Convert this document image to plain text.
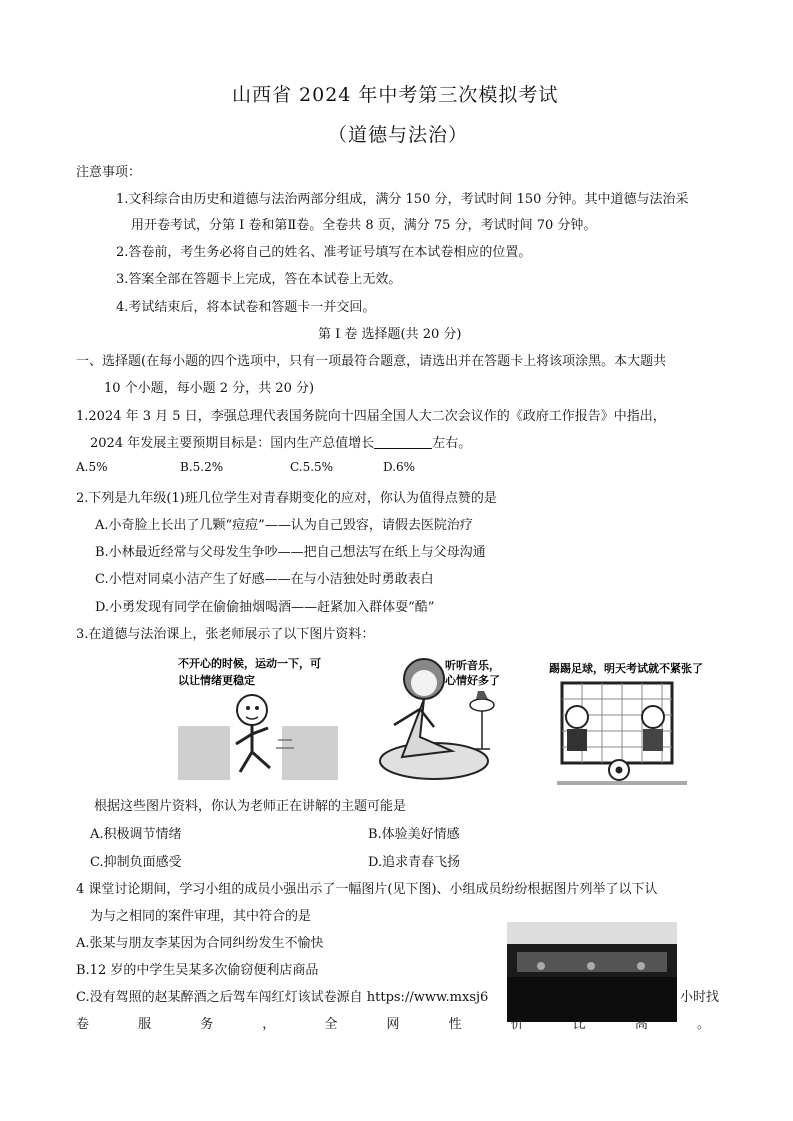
山西省 2024 年中考第三次模拟考试
（道德与法治）
注意事项：
1.文科综合由历史和道德与法治两部分组成，满分 150 分，考试时间 150 分钟。其中道德与法治采
用开卷考试，分第 Ⅰ 卷和第Ⅱ卷。全卷共 8 页，满分 75 分，考试时间 70 分钟。
2.答卷前，考生务必将自己的姓名、准考证号填写在本试卷相应的位置。
3.答案全部在答题卡上完成，答在本试卷上无效。
4.考试结束后，将本试卷和答题卡一并交回。
第 Ⅰ 卷 选择题(共 20 分)
一、选择题(在每小题的四个选项中，只有一项最符合题意，请选出并在答题卡上将该项涂黑。本大题共
10 个小题，每小题 2 分，共 20 分)
1.2024 年 3 月 5 日，李强总理代表国务院向十四届全国人大二次会议作的《政府工作报告》中指出，
2024 年发展主要预期目标是：国内生产总值增长	左右。
A.5%	B.5.2%	C.5.5%	D.6%
2.下列是九年级(1)班几位学生对青春期变化的应对，你认为值得点赞的是
A.小奇脸上长出了几颗“痘痘”——认为自己毁容，请假去医院治疗
B.小林最近经常与父母发生争吵——把自己想法写在纸上与父母沟通
C.小恺对同桌小洁产生了好感——在与小洁独处时勇敢表白
D.小勇发现有同学在偷偷抽烟喝酒——赶紧加入群体耍“酷”
3.在道德与法治课上，张老师展示了以下图片资料：
不开心的时候，运动一下，可
以让情绪更稳定
听听音乐，
心情好多了
踢踢足球，明天考试就不紧张了
根据这些图片资料，你认为老师正在讲解的主题可能是
A.积极调节情绪	B.体验美好情感
C.抑制负面感受	D.追求青春飞扬
4 课堂讨论期间，学习小组的成员小强出示了一幅图片(见下图)、小组成员纷纷根据图片列举了以下认
为与之相同的案件审理，其中符合的是
A.张某与朋友李某因为合同纠纷发生不愉快
B.12 岁的中学生吴某多次偷窃便利店商品
C.没有驾照的赵某醉酒之后驾车闯红灯该试卷源自 https://www.mxsj6	小时找
卷	服	务	，	全	网	性	价	比	高	。
